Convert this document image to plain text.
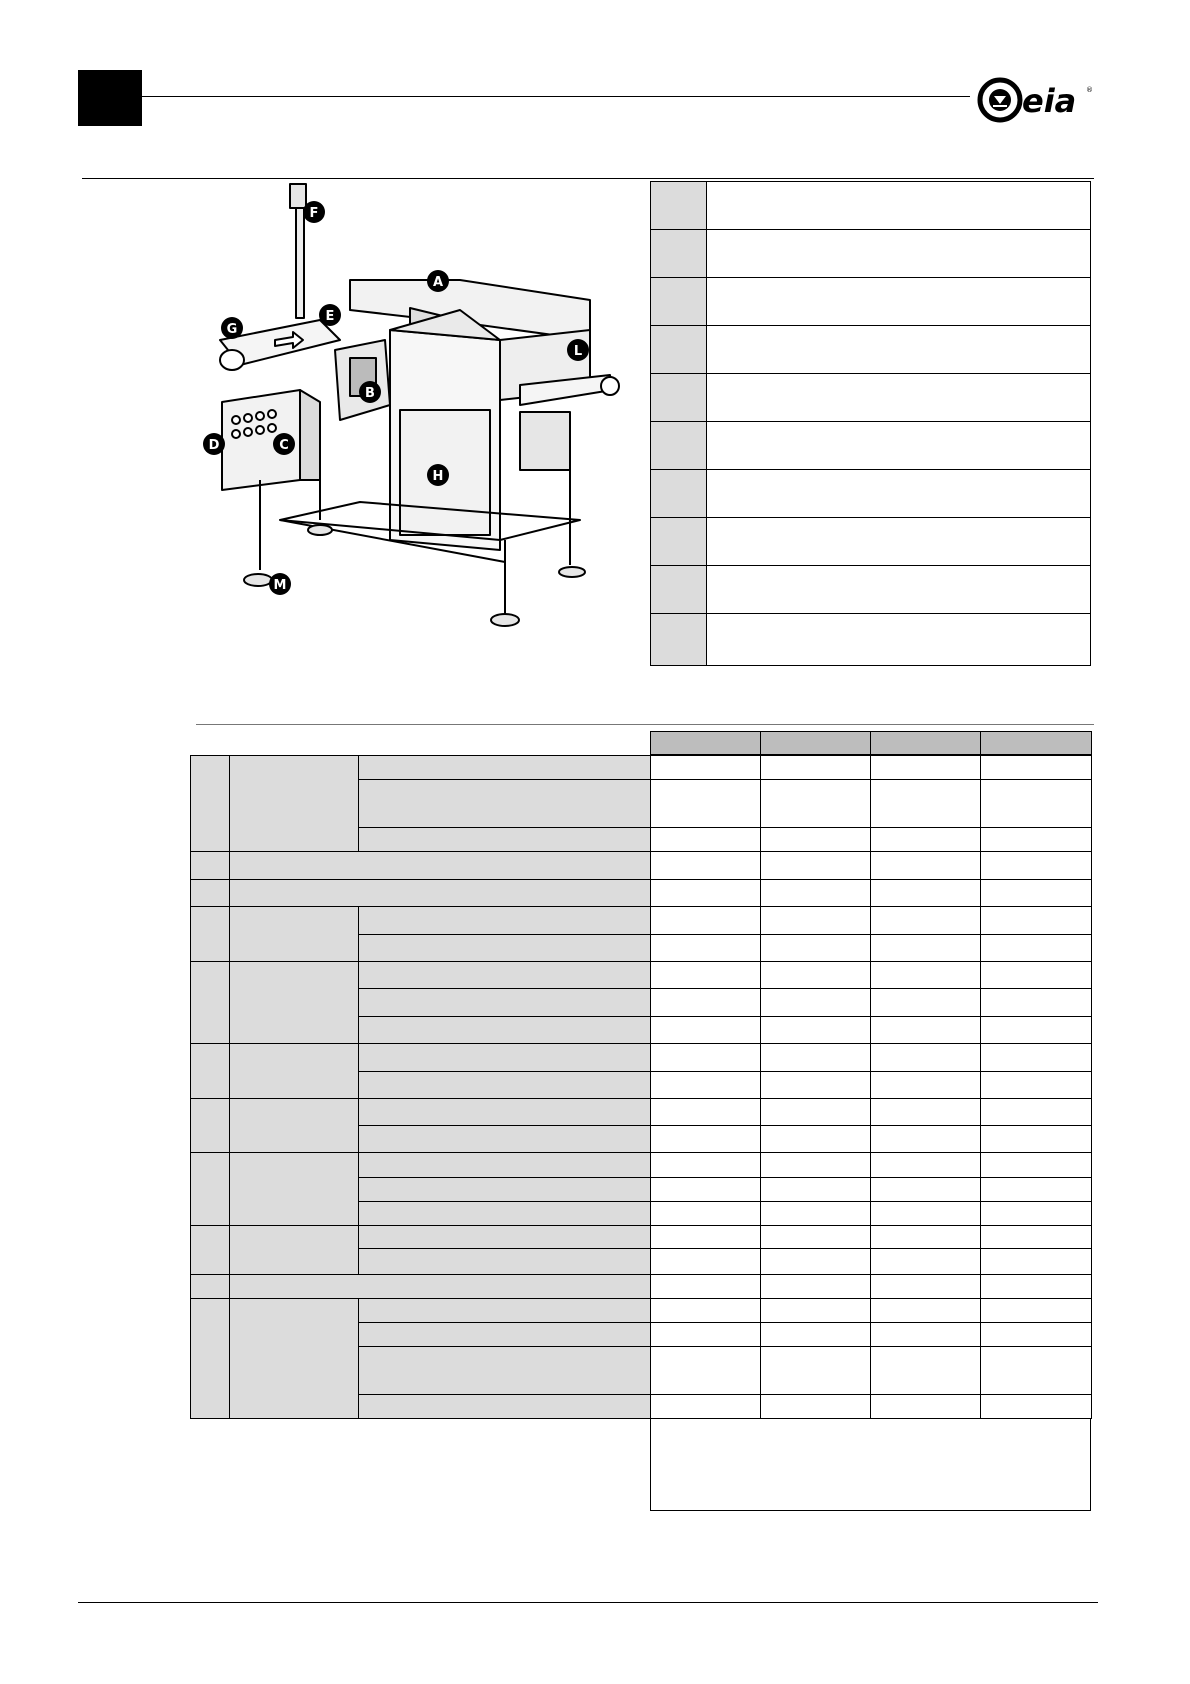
eia ®
F
A
E
G
L
B
D	C
H
M
